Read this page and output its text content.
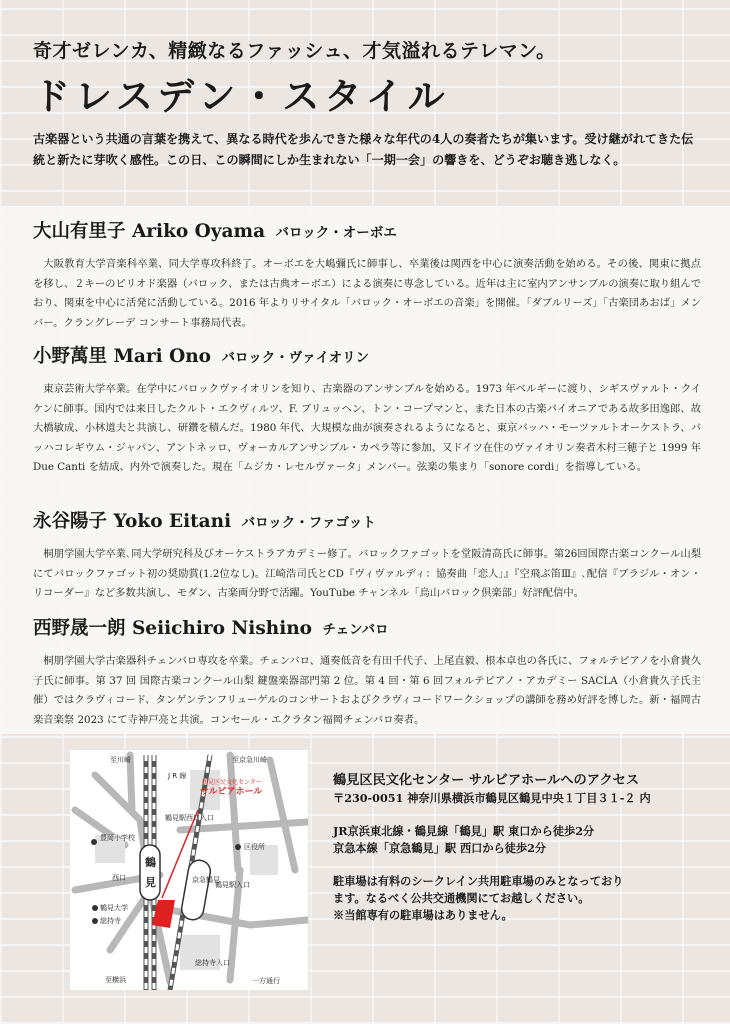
奇才ゼレンカ、精緻なるファッシュ、才気溢れるテレマン。
ドレスデン・スタイル
古楽器という共通の言葉を携えて、異なる時代を歩んできた様々な年代の4人の奏者たちが集います。受け継がれてきた伝統と新たに芽吹く感性。この日、この瞬間にしか生まれない「一期一会」の響きを、どうぞお聴き逃しなく。
大山有里子 Ariko Oyama バロック・オーボエ

大阪教育大学音楽科卒業、同大学専攻科終了。オーボエを大嶋彌氏に師事し、卒業後は関西を中心に演奏活動を始める。その後、関東に拠点を移し、２キーのピリオド楽器（バロック、または古典オーボエ）による演奏に専念している。近年は主に室内アンサンブルの演奏に取り組んでおり、関東を中心に活発に活動している。2016 年よりリサイタル「バロック・オーボエの音楽」を開催。「ダブルリーズ」「古楽団あおば」メンバー。クラングレーデ コンサート事務局代表。

小野萬里 Mari Ono バロック・ヴァイオリン

東京芸術大学卒業。在学中にバロックヴァイオリンを知り、古楽器のアンサンブルを始める。1973 年ベルギーに渡り、シギスヴァルト・クイケンに師事。国内では来日したクルト・エクヴィルツ、F. ブリュッヘン、トン・コープマンと、また日本の古楽パイオニアである故多田逸郎、故大橋敏成、小林道夫と共演し、研鑽を積んだ。1980 年代、大規模な曲が演奏されるようになると、東京バッハ・モーツァルトオーケストラ、バッハコレギウム・ジャパン、アントネッロ、ヴォーカルアンサンブル・カペラ等に参加、又ドイツ在住のヴァイオリン奏者木村三穂子と 1999 年 Due Canti を結成、内外で演奏した。現在「ムジカ・レセルヴァータ」メンバー。弦楽の集まり「sonore cordi」を指導している。

永谷陽子 Yoko Eitani バロック・ファゴット

桐朋学園大学卒業､同大学研究科及びオーケストラアカデミー修了。バロックファゴットを堂阪清高氏に師事。第26回国際古楽コンクール山梨にてバロックファゴット初の奨励賞(1.2位なし)。江崎浩司氏とCD『ヴィヴァルディ：協奏曲「恋人」』『空飛ぶ笛Ⅲ』､配信『ブラジル・オン・リコーダー』など多数共演し、モダン、古楽両分野で活躍。YouTube チャンネル「烏山バロック倶楽部」好評配信中。

西野晟一朗 Seiichiro Nishino チェンバロ

桐朋学園大学古楽器科チェンバロ専攻を卒業。チェンバロ、通奏低音を有田千代子、上尾直毅、根本卓也の各氏に、フォルテピアノを小倉貴久子氏に師事。第 37 回 国際古楽コンクール山梨 鍵盤楽器部門第 2 位。第 4 回・第 6 回フォルテピアノ・アカデミー SACLA（小倉貴久子氏主催）ではクラヴィコード、タンゲンテンフリューゲルのコンサートおよびクラヴィコードワークショップの講師を務め好評を博した。新・福岡古楽音楽祭 2023 にて寺神戸亮と共演。コンセール・エクラタン福岡チェンバロ奏者。

至川崎	至京急川崎
J R 線
鶴見区民文化センター
サルビアホール
鶴見駅西口入口
豊岡小学校
区役所
西口
鶴
見	京急鶴見
鶴見駅入口
鶴見大学
総持寺
至横浜
総持寺入口
一方通行
鶴見区民文化センター サルビアホールへのアクセス
〒230-0051 神奈川県横浜市鶴見区鶴見中央１丁目３１-２ 内
JR京浜東北線・鶴見線「鶴見」駅 東口から徒歩2分
京急本線「京急鶴見」駅 西口から徒歩2分
駐車場は有料のシークレイン共用駐車場のみとなっており
ます。なるべく公共交通機関にてお越しください。
※当館専有の駐車場はありません。
